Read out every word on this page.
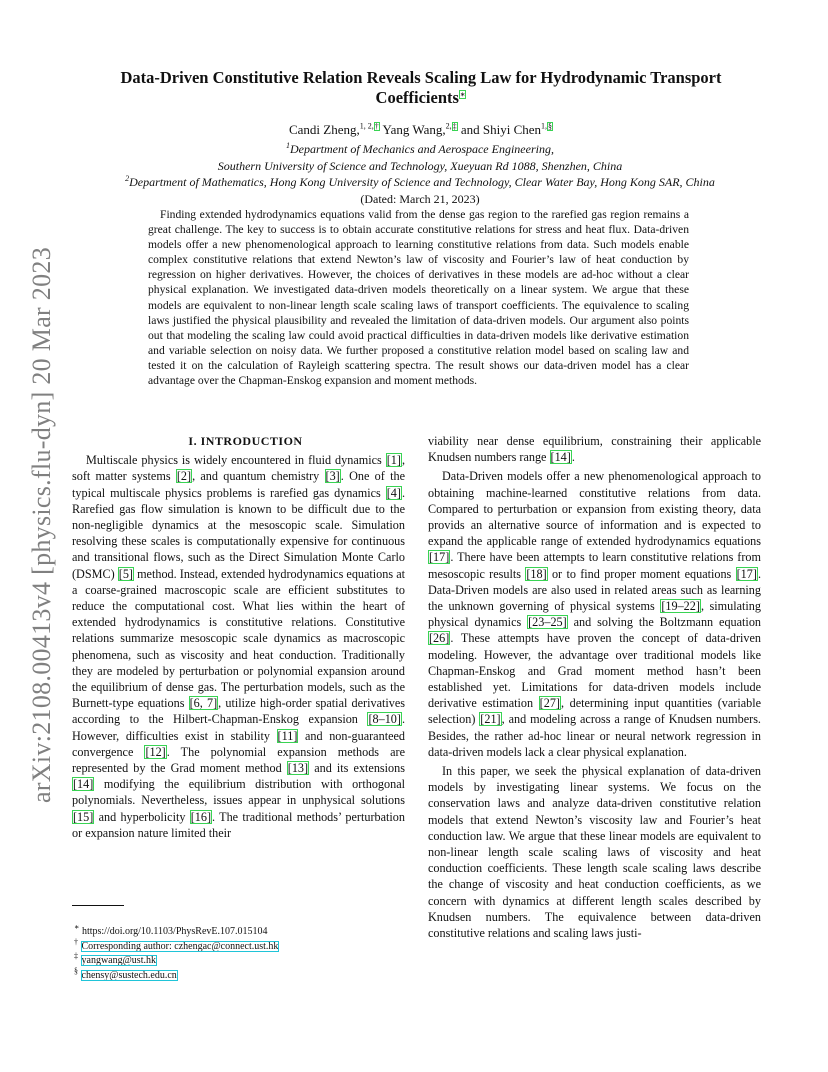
arXiv:2108.00413v4 [physics.flu-dyn] 20 Mar 2023
Data-Driven Constitutive Relation Reveals Scaling Law for Hydrodynamic Transport Coefficients∗
Candi Zheng,$^{1, 2,\dagger}$ Yang Wang,$^{2,\ddagger}$ and Shiyi Chen$^{1,\S}$
$^1$Department of Mechanics and Aerospace Engineering,
Southern University of Science and Technology, Xueyuan Rd 1088, Shenzhen, China
$^2$Department of Mathematics, Hong Kong University of Science and Technology, Clear Water Bay, Hong Kong SAR, China
(Dated: March 21, 2023)

Finding extended hydrodynamics equations valid from the dense gas region to the rarefied gas region remains a great challenge. The key to success is to obtain accurate constitutive relations for stress and heat flux. Data-driven models offer a new phenomenological approach to learning constitutive relations from data. Such models enable complex constitutive relations that extend Newton’s law of viscosity and Fourier’s law of heat conduction by regression on higher derivatives. However, the choices of derivatives in these models are ad-hoc without a clear physical explanation. We investigated data-driven models theoretically on a linear system. We argue that these models are equivalent to non-linear length scale scaling laws of transport coefficients. The equivalence to scaling laws justified the physical plausibility and revealed the limitation of data-driven models. Our argument also points out that modeling the scaling law could avoid practical difficulties in data-driven models like derivative estimation and variable selection on noisy data. We further proposed a constitutive relation model based on scaling law and tested it on the calculation of Rayleigh scattering spectra. The result shows our data-driven model has a clear advantage over the Chapman-Enskog expansion and moment methods.

I. INTRODUCTION

Multiscale physics is widely encountered in fluid dynamics [1], soft matter systems [2], and quantum chemistry [3]. One of the typical multiscale physics problems is rarefied gas dynamics [4]. Rarefied gas flow simulation is known to be difficult due to the non-negligible dynamics at the mesoscopic scale. Simulation resolving these scales is computationally expensive for continuous and transitional flows, such as the Direct Simulation Monte Carlo (DSMC) [5] method. Instead, extended hydrodynamics equations at a coarse-grained macroscopic scale are efficient substitutes to reduce the computational cost. What lies within the heart of extended hydrodynamics is constitutive relations. Constitutive relations summarize mesoscopic scale dynamics as macroscopic phenomena, such as viscosity and heat conduction. Traditionally they are modeled by perturbation or polynomial expansion around the equilibrium of dense gas. The perturbation models, such as the Burnett-type equations [6, 7], utilize high-order spatial derivatives according to the Hilbert-Chapman-Enskog expansion [8–10]. However, difficulties exist in stability [11] and non-guaranteed convergence [12]. The polynomial expansion methods are represented by the Grad moment method [13] and its extensions [14] modifying the equilibrium distribution with orthogonal polynomials. Nevertheless, issues appear in unphysical solutions [15] and hyperbolicity [16]. The traditional methods’ perturbation or expansion nature limited their

viability near dense equilibrium, constraining their applicable Knudsen numbers range [14].

Data-Driven models offer a new phenomenological approach to obtaining machine-learned constitutive relations from data. Compared to perturbation or expansion from existing theory, data provids an alternative source of information and is expected to expand the applicable range of extended hydrodynamics equations [17]. There have been attempts to learn constitutive relations from mesoscopic results [18] or to find proper moment equations [17]. Data-Driven models are also used in related areas such as learning the unknown governing of physical systems [19–22], simulating physical dynamics [23–25] and solving the Boltzmann equation [26]. These attempts have proven the concept of data-driven modeling. However, the advantage over traditional models like Chapman-Enskog and Grad moment method hasn’t been established yet. Limitations for data-driven models include derivative estimation [27], determining input quantities (variable selection) [21], and modeling across a range of Knudsen numbers. Besides, the rather ad-hoc linear or neural network regression in data-driven models lack a clear physical explanation.

In this paper, we seek the physical explanation of data-driven models by investigating linear systems. We focus on the conservation laws and analyze data-driven constitutive relation models that extend Newton’s viscosity law and Fourier’s heat conduction law. We argue that these linear models are equivalent to non-linear length scale scaling laws of viscosity and heat conduction coefficients. These length scale scaling laws describe the change of viscosity and heat conduction coefficients, as we concern with dynamics at different length scales described by Knudsen numbers. The equivalence between data-driven constitutive relations and scaling laws justi-

∗ https://doi.org/10.1103/PhysRevE.107.015104
† Corresponding author: czhengac@connect.ust.hk
‡ yangwang@ust.hk
§ chensy@sustech.edu.cn
